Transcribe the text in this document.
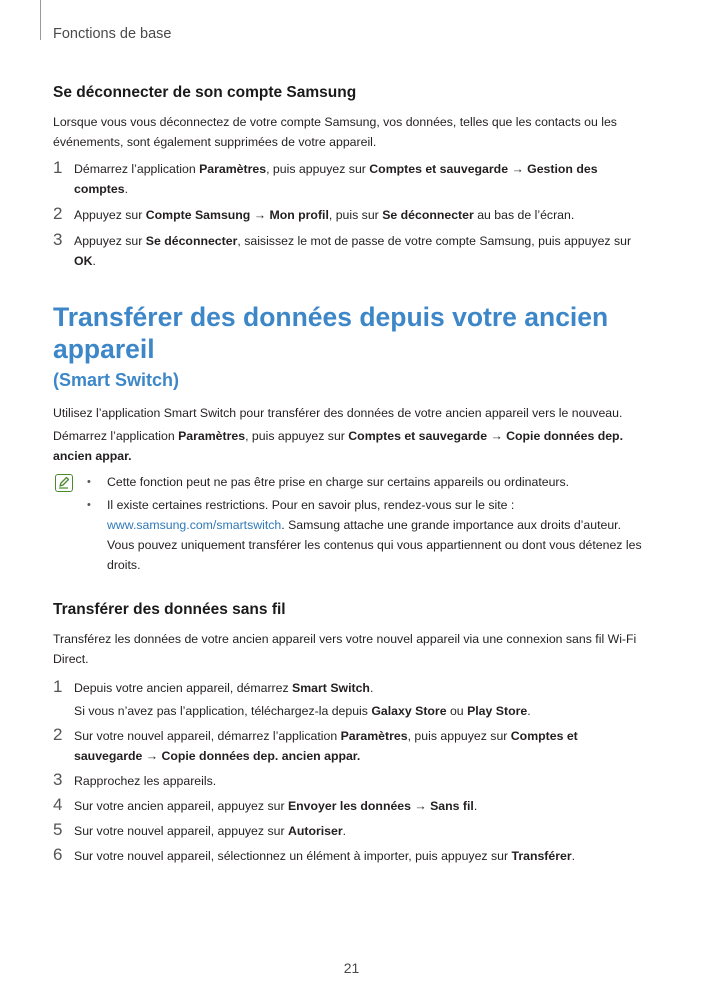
Fonctions de base
Se déconnecter de son compte Samsung

Lorsque vous vous déconnectez de votre compte Samsung, vos données, telles que les contacts ou les événements, sont également supprimées de votre appareil.

1 Démarrez l’application Paramètres, puis appuyez sur Comptes et sauvegarde → Gestion des comptes.
2 Appuyez sur Compte Samsung → Mon profil, puis sur Se déconnecter au bas de l’écran.
3 Appuyez sur Se déconnecter, saisissez le mot de passe de votre compte Samsung, puis appuyez sur OK.
Transférer des données depuis votre ancien appareil
(Smart Switch)

Utilisez l’application Smart Switch pour transférer des données de votre ancien appareil vers le nouveau.

Démarrez l’application Paramètres, puis appuyez sur Comptes et sauvegarde → Copie données dep. ancien appar.

• Cette fonction peut ne pas être prise en charge sur certains appareils ou ordinateurs.
• Il existe certaines restrictions. Pour en savoir plus, rendez-vous sur le site : www.samsung.com/smartswitch. Samsung attache une grande importance aux droits d’auteur. Vous pouvez uniquement transférer les contenus qui vous appartiennent ou dont vous détenez les droits.
Transférer des données sans fil

Transférez les données de votre ancien appareil vers votre nouvel appareil via une connexion sans fil Wi-Fi Direct.

1 Depuis votre ancien appareil, démarrez Smart Switch.
Si vous n’avez pas l’application, téléchargez-la depuis Galaxy Store ou Play Store.
2 Sur votre nouvel appareil, démarrez l’application Paramètres, puis appuyez sur Comptes et sauvegarde → Copie données dep. ancien appar.
3 Rapprochez les appareils.
4 Sur votre ancien appareil, appuyez sur Envoyer les données → Sans fil.
5 Sur votre nouvel appareil, appuyez sur Autoriser.
6 Sur votre nouvel appareil, sélectionnez un élément à importer, puis appuyez sur Transférer.
21
